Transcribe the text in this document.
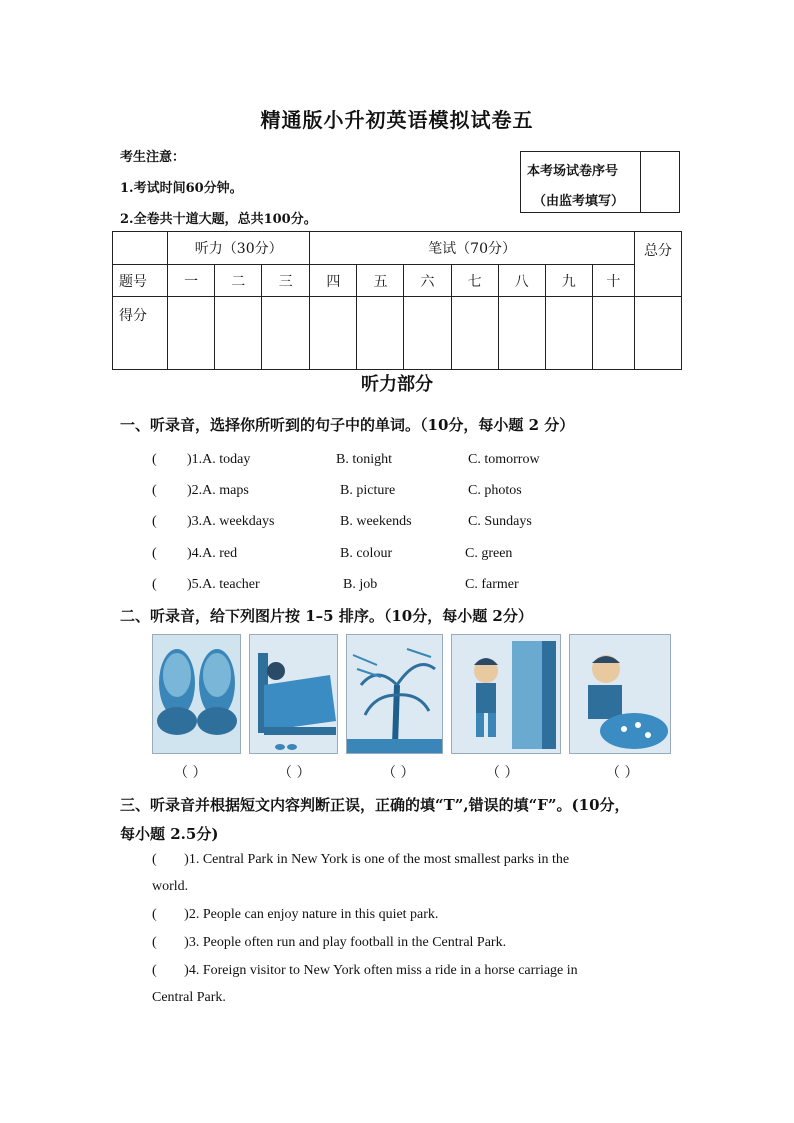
精通版小升初英语模拟试卷五
考生注意：
1.考试时间60分钟。
2.全卷共十道大题，总共100分。
本考场试卷序号
（由监考填写）
	听力（30分）			笔试（70分）							总分
题号	一	二	三	四	五	六	七	八	九	十	
得分											
听力部分
一、听录音，选择你所听到的句子中的单词。（10分，每小题 2 分）
( )1.A. today	B. tonight	C. tomorrow
( )2.A. maps	B. picture	C. photos
( )3.A. weekdays	B. weekends	C. Sundays
( )4.A. red	B. colour	C. green
( )5.A. teacher	B. job	C. farmer
二、听录音，给下列图片按 1–5 排序。（10分，每小题 2分）
（ ）	（ ）	（ ）	（ ）	（ ）
三、听录音并根据短文内容判断正误，正确的填“T”,错误的填“F”。(10分，
每小题 2.5分)
( )1. Central Park in New York is one of the most smallest parks in the
world.
( )2. People can enjoy nature in this quiet park.
( )3. People often run and play football in the Central Park.
( )4. Foreign visitor to New York often miss a ride in a horse carriage in
Central Park.
